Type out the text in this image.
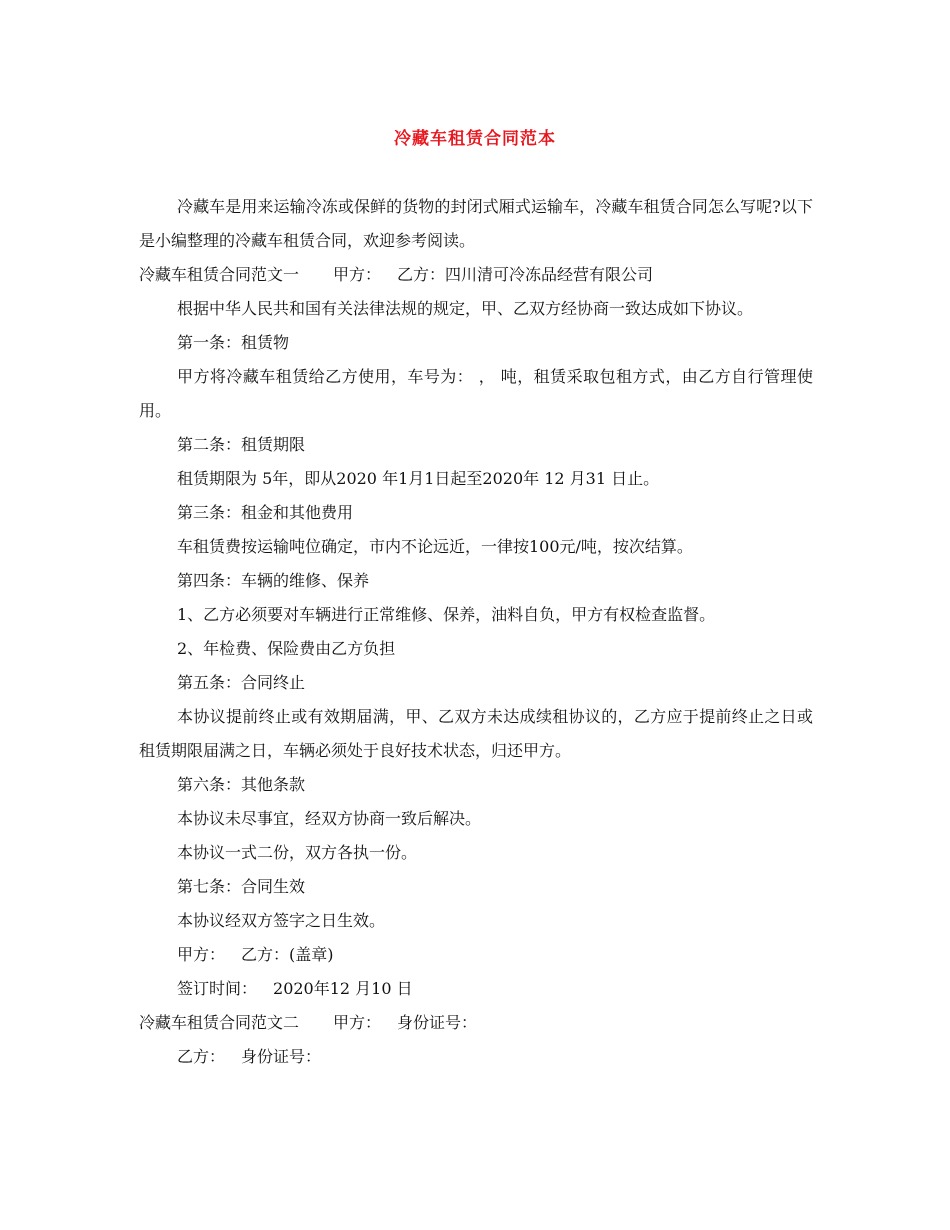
冷藏车租赁合同范本

冷藏车是用来运输冷冻或保鲜的货物的封闭式厢式运输车，冷藏车租赁合同怎么写呢?以下是小编整理的冷藏车租赁合同，欢迎参考阅读。

冷藏车租赁合同范文一 甲方： 乙方：四川清可冷冻品经营有限公司

根据中华人民共和国有关法律法规的规定，甲、乙双方经协商一致达成如下协议。

第一条：租赁物

甲方将冷藏车租赁给乙方使用，车号为： ， 吨，租赁采取包租方式，由乙方自行管理使用。

第二条：租赁期限

租赁期限为 5年，即从2020 年1月1日起至2020年 12 月31 日止。

第三条：租金和其他费用

车租赁费按运输吨位确定，市内不论远近，一律按100元/吨，按次结算。

第四条：车辆的维修、保养

1、乙方必须要对车辆进行正常维修、保养，油料自负，甲方有权检查监督。

2、年检费、保险费由乙方负担

第五条：合同终止

本协议提前终止或有效期届满，甲、乙双方未达成续租协议的，乙方应于提前终止之日或租赁期限届满之日，车辆必须处于良好技术状态，归还甲方。

第六条：其他条款

本协议未尽事宜，经双方协商一致后解决。

本协议一式二份，双方各执一份。

第七条：合同生效

本协议经双方签字之日生效。

甲方： 乙方：(盖章)

签订时间： 2020年12 月10 日

冷藏车租赁合同范文二 甲方： 身份证号：

乙方： 身份证号：
